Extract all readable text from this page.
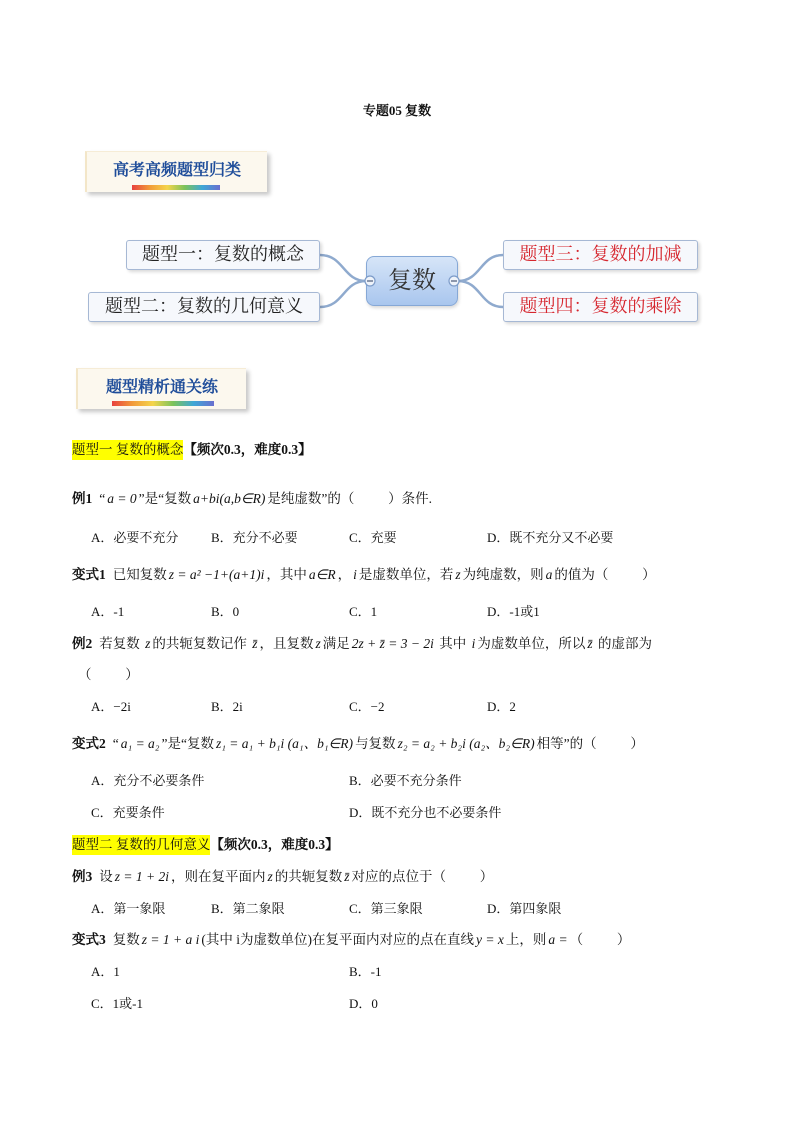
专题05 复数
高考高频题型归类
复数
题型一：复数的概念
题型二：复数的几何意义
题型三：复数的加减
题型四：复数的乘除
题型精析通关练
题型一 复数的概念 【频次0.3，难度0.3】
例1 “ a = 0 ”是“复数 a+bi(a,b∈R) 是纯虚数”的（          ）条件.
A．必要不充分	B．充分不必要	C．充要	D．既不充分又不必要
变式1 已知复数 z = a² −1+(a+1)i ，其中 a∈R ， i 是虚数单位，若 z 为纯虚数，则 a 的值为（          ）
A．-1	B．0	C．1	D．-1或1
例2 若复数 z 的共轭复数记作 z̄ ，且复数 z 满足 2z + z̄ = 3 − 2i 其中 i 为虚数单位，所以 z̄ 的虚部为
（          ）
A．−2i	B．2i	C．−2	D．2
变式2 “ a₁ = a₂ ”是“复数 z₁ = a₁ + b₁i (a₁、b₁∈R) 与复数 z₂ = a₂ + b₂i (a₂、b₂∈R) 相等”的（          ）
A．充分不必要条件	B．必要不充分条件
C．充要条件	D．既不充分也不必要条件
题型二 复数的几何意义 【频次0.3，难度0.3】
例3 设 z = 1 + 2i ，则在复平面内 z 的共轭复数 z̄ 对应的点位于（          ）
A．第一象限	B．第二象限	C．第三象限	D．第四象限
变式3 复数 z = 1 + a i (其中 i为虚数单位)在复平面内对应的点在直线 y = x 上，则 a = （          ）
A．1	B．-1
C．1或-1	D．0
